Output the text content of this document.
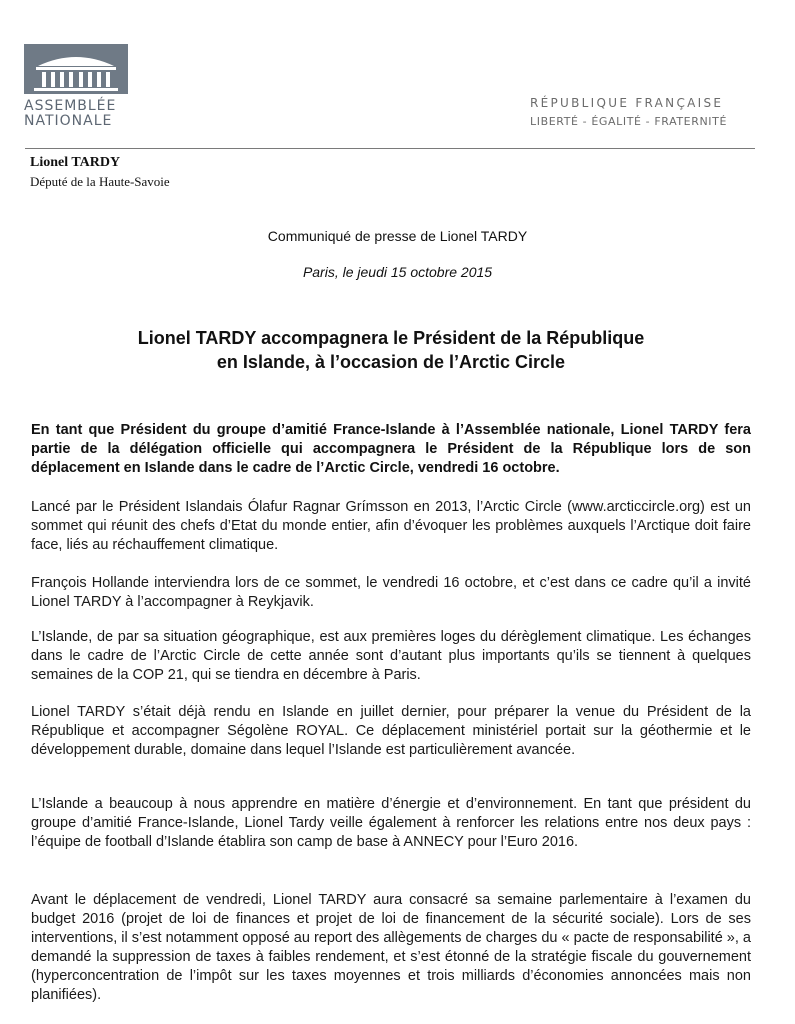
ASSEMBLÉE
NATIONALE
RÉPUBLIQUE FRANÇAISE
LIBERTÉ - ÉGALITÉ - FRATERNITÉ
Lionel TARDY
Député de la Haute-Savoie
Communiqué de presse de Lionel TARDY
Paris, le jeudi 15 octobre 2015
Lionel TARDY accompagnera le Président de la République
en Islande, à l’occasion de l’Arctic Circle
En tant que Président du groupe d’amitié France-Islande à l’Assemblée nationale, Lionel TARDY fera partie de la délégation officielle qui accompagnera le Président de la République lors de son déplacement en Islande dans le cadre de l’Arctic Circle, vendredi 16 octobre.
Lancé par le Président Islandais Ólafur Ragnar Grímsson en 2013, l’Arctic Circle (www.arcticcircle.org) est un sommet qui réunit des chefs d’Etat du monde entier, afin d’évoquer les problèmes auxquels l’Arctique doit faire face, liés au réchauffement climatique.
François Hollande interviendra lors de ce sommet, le vendredi 16 octobre, et c’est dans ce cadre qu’il a invité Lionel TARDY à l’accompagner à Reykjavik.
L’Islande, de par sa situation géographique, est aux premières loges du dérèglement climatique. Les échanges dans le cadre de l’Arctic Circle de cette année sont d’autant plus importants qu’ils se tiennent à quelques semaines de la COP 21, qui se tiendra en décembre à Paris.
Lionel TARDY s’était déjà rendu en Islande en juillet dernier, pour préparer la venue du Président de la République et accompagner Ségolène ROYAL. Ce déplacement ministériel portait sur la géothermie et le développement durable, domaine dans lequel l’Islande est particulièrement avancée.
L’Islande a beaucoup à nous apprendre en matière d’énergie et d’environnement. En tant que président du groupe d’amitié France-Islande, Lionel Tardy veille également à renforcer les relations entre nos deux pays : l’équipe de football d’Islande établira son camp de base à ANNECY pour l’Euro 2016.
Avant le déplacement de vendredi, Lionel TARDY aura consacré sa semaine parlementaire à l’examen du budget 2016 (projet de loi de finances et projet de loi de financement de la sécurité sociale). Lors de ses interventions, il s’est notamment opposé au report des allègements de charges du « pacte de responsabilité », a demandé la suppression de taxes à faibles rendement, et s’est étonné de la stratégie fiscale du gouvernement (hyperconcentration de l’impôt sur les taxes moyennes et trois milliards d’économies annoncées mais non planifiées).
